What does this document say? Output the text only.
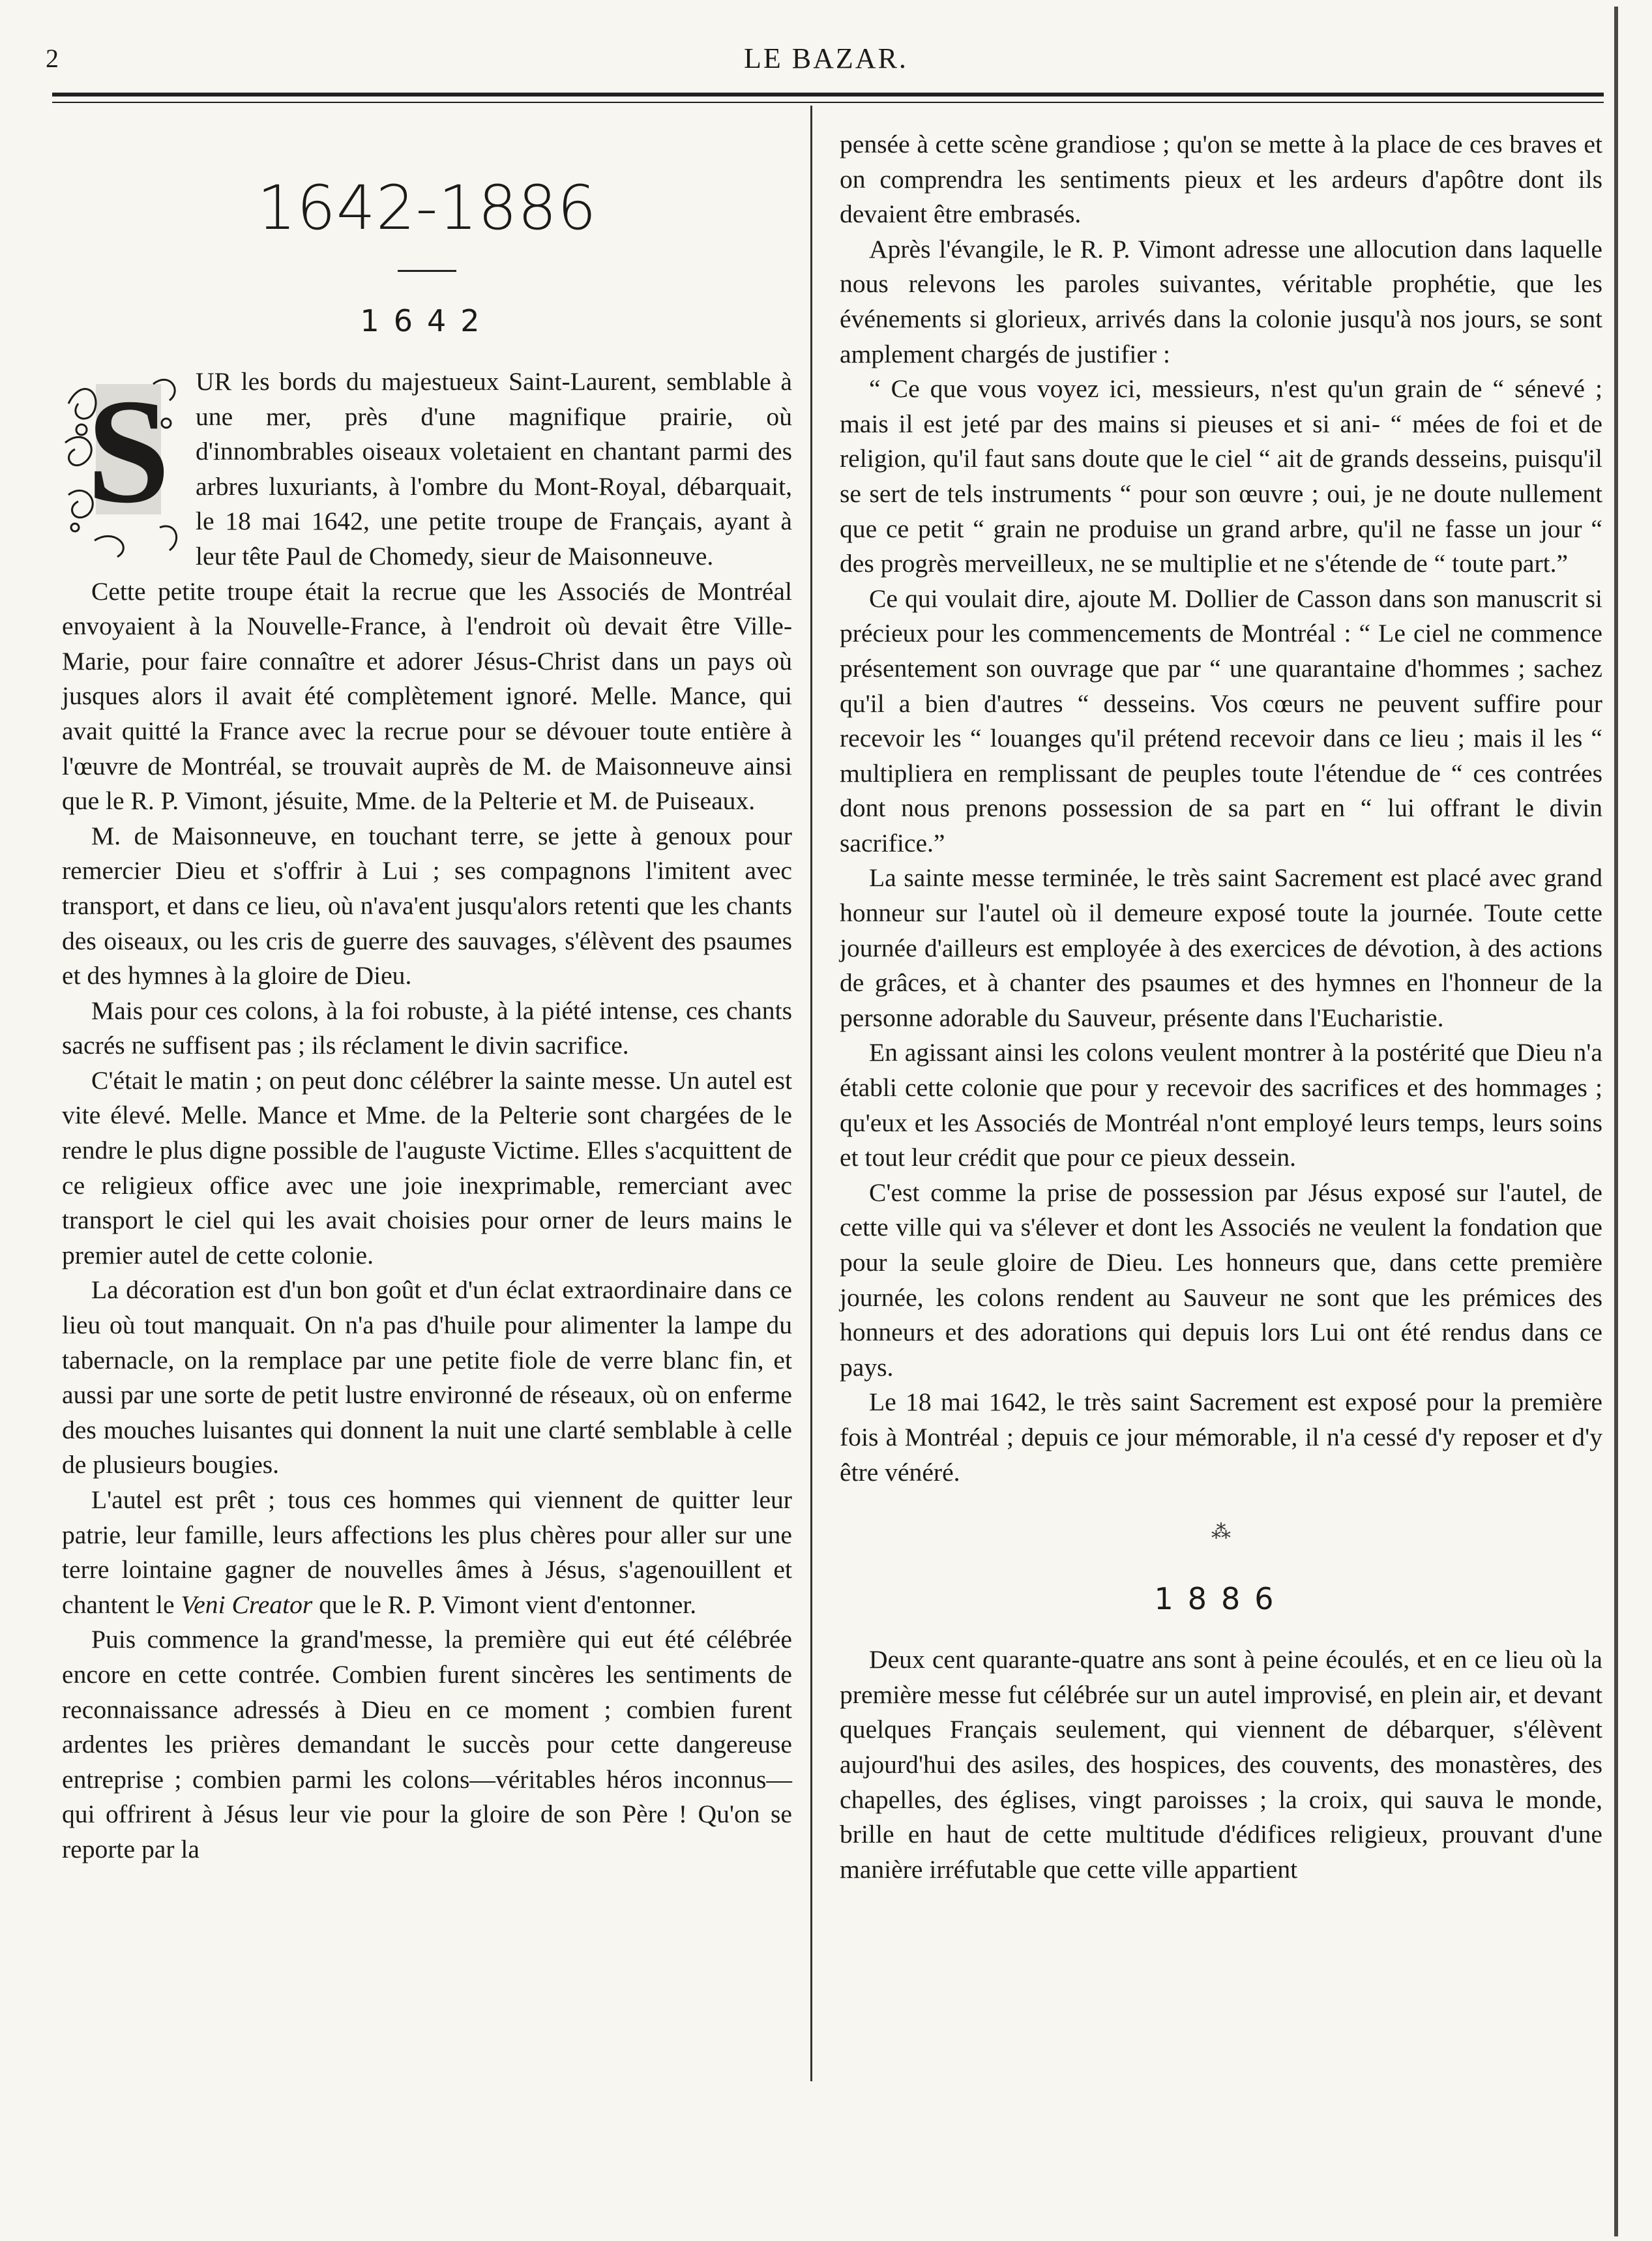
2	LE BAZAR.
1642-1886
1642
S UR les bords du majestueux Saint-Laurent, semblable à une mer, près d'une magnifique prairie, où d'innombrables oiseaux voletaient en chantant parmi des arbres luxuriants, à l'ombre du Mont-Royal, débarquait, le 18 mai 1642, une petite troupe de Français, ayant à leur tête Paul de Chomedy, sieur de Maisonneuve.

Cette petite troupe était la recrue que les Associés de Montréal envoyaient à la Nouvelle-France, à l'endroit où devait être Ville-Marie, pour faire connaître et adorer Jésus-Christ dans un pays où jusques alors il avait été complètement ignoré. Melle. Mance, qui avait quitté la France avec la recrue pour se dévouer toute entière à l'œuvre de Montréal, se trouvait auprès de M. de Maisonneuve ainsi que le R. P. Vimont, jésuite, Mme. de la Pelterie et M. de Puiseaux.

M. de Maisonneuve, en touchant terre, se jette à genoux pour remercier Dieu et s'offrir à Lui ; ses compagnons l'imitent avec transport, et dans ce lieu, où n'ava'ent jusqu'alors retenti que les chants des oiseaux, ou les cris de guerre des sauvages, s'élèvent des psaumes et des hymnes à la gloire de Dieu.

Mais pour ces colons, à la foi robuste, à la piété intense, ces chants sacrés ne suffisent pas ; ils réclament le divin sacrifice.

C'était le matin ; on peut donc célébrer la sainte messe. Un autel est vite élevé. Melle. Mance et Mme. de la Pelterie sont chargées de le rendre le plus digne possible de l'auguste Victime. Elles s'acquittent de ce religieux office avec une joie inexprimable, remerciant avec transport le ciel qui les avait choisies pour orner de leurs mains le premier autel de cette colonie.

La décoration est d'un bon goût et d'un éclat extraordinaire dans ce lieu où tout manquait. On n'a pas d'huile pour alimenter la lampe du tabernacle, on la remplace par une petite fiole de verre blanc fin, et aussi par une sorte de petit lustre environné de réseaux, où on enferme des mouches luisantes qui donnent la nuit une clarté semblable à celle de plusieurs bougies.

L'autel est prêt ; tous ces hommes qui viennent de quitter leur patrie, leur famille, leurs affections les plus chères pour aller sur une terre lointaine gagner de nouvelles âmes à Jésus, s'agenouillent et chantent le Veni Creator que le R. P. Vimont vient d'entonner.

Puis commence la grand'messe, la première qui eut été célébrée encore en cette contrée. Combien furent sincères les sentiments de reconnaissance adressés à Dieu en ce moment ; combien furent ardentes les prières demandant le succès pour cette dangereuse entreprise ; combien parmi les colons—véritables héros inconnus—qui offrirent à Jésus leur vie pour la gloire de son Père ! Qu'on se reporte par la

pensée à cette scène grandiose ; qu'on se mette à la place de ces braves et on comprendra les sentiments pieux et les ardeurs d'apôtre dont ils devaient être embrasés.

Après l'évangile, le R. P. Vimont adresse une allocution dans laquelle nous relevons les paroles suivantes, véritable prophétie, que les événements si glorieux, arrivés dans la colonie jusqu'à nos jours, se sont amplement chargés de justifier :

“ Ce que vous voyez ici, messieurs, n'est qu'un grain de “ sénevé ; mais il est jeté par des mains si pieuses et si ani- “ mées de foi et de religion, qu'il faut sans doute que le ciel “ ait de grands desseins, puisqu'il se sert de tels instruments “ pour son œuvre ; oui, je ne doute nullement que ce petit “ grain ne produise un grand arbre, qu'il ne fasse un jour “ des progrès merveilleux, ne se multiplie et ne s'étende de “ toute part.”

Ce qui voulait dire, ajoute M. Dollier de Casson dans son manuscrit si précieux pour les commencements de Montréal : “ Le ciel ne commence présentement son ouvrage que par “ une quarantaine d'hommes ; sachez qu'il a bien d'autres “ desseins. Vos cœurs ne peuvent suffire pour recevoir les “ louanges qu'il prétend recevoir dans ce lieu ; mais il les “ multipliera en remplissant de peuples toute l'étendue de “ ces contrées dont nous prenons possession de sa part en “ lui offrant le divin sacrifice.”

La sainte messe terminée, le très saint Sacrement est placé avec grand honneur sur l'autel où il demeure exposé toute la journée. Toute cette journée d'ailleurs est employée à des exercices de dévotion, à des actions de grâces, et à chanter des psaumes et des hymnes en l'honneur de la personne adorable du Sauveur, présente dans l'Eucharistie.

En agissant ainsi les colons veulent montrer à la postérité que Dieu n'a établi cette colonie que pour y recevoir des sacrifices et des hommages ; qu'eux et les Associés de Montréal n'ont employé leurs temps, leurs soins et tout leur crédit que pour ce pieux dessein.

C'est comme la prise de possession par Jésus exposé sur l'autel, de cette ville qui va s'élever et dont les Associés ne veulent la fondation que pour la seule gloire de Dieu. Les honneurs que, dans cette première journée, les colons rendent au Sauveur ne sont que les prémices des honneurs et des adorations qui depuis lors Lui ont été rendus dans ce pays.

Le 18 mai 1642, le très saint Sacrement est exposé pour la première fois à Montréal ; depuis ce jour mémorable, il n'a cessé d'y reposer et d'y être vénéré.

⁂
1886

Deux cent quarante-quatre ans sont à peine écoulés, et en ce lieu où la première messe fut célébrée sur un autel improvisé, en plein air, et devant quelques Français seulement, qui viennent de débarquer, s'élèvent aujourd'hui des asiles, des hospices, des couvents, des monastères, des chapelles, des églises, vingt paroisses ; la croix, qui sauva le monde, brille en haut de cette multitude d'édifices religieux, prouvant d'une manière irréfutable que cette ville appartient
